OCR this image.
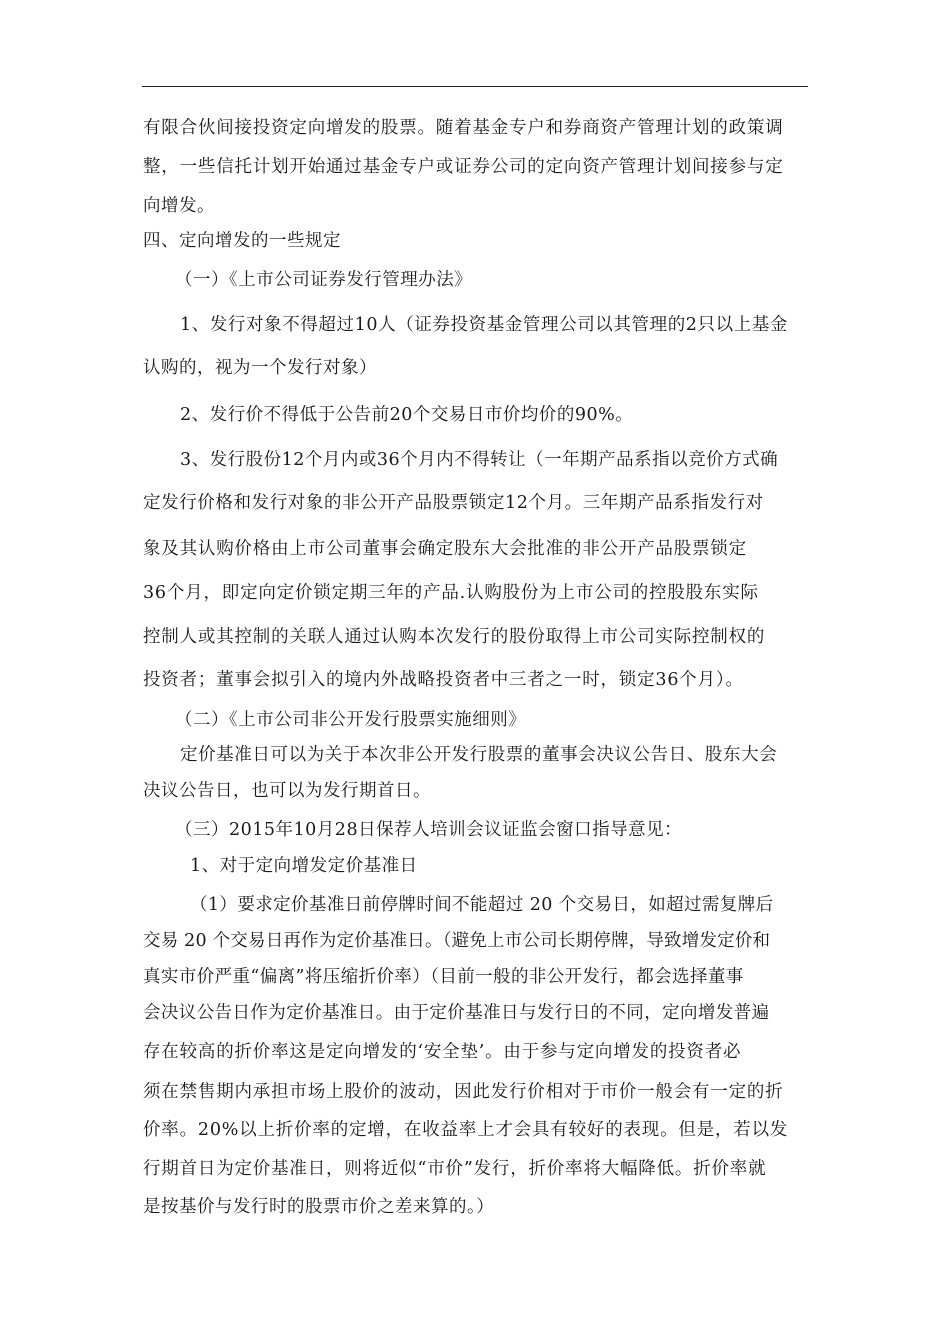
有限合伙间接投资定向增发的股票。随着基金专户和券商资产管理计划的政策调
整，一些信托计划开始通过基金专户或证券公司的定向资产管理计划间接参与定
向增发。
四、定向增发的一些规定
（一）《上市公司证券发行管理办法》
1、发行对象不得超过10人（证券投资基金管理公司以其管理的2只以上基金
认购的，视为一个发行对象）
2、发行价不得低于公告前20个交易日市价均价的90%。
3、发行股份12个月内或36个月内不得转让（一年期产品系指以竞价方式确
定发行价格和发行对象的非公开产品股票锁定12个月。三年期产品系指发行对
象及其认购价格由上市公司董事会确定股东大会批准的非公开产品股票锁定
36个月，即定向定价锁定期三年的产品.认购股份为上市公司的控股股东实际
控制人或其控制的关联人通过认购本次发行的股份取得上市公司实际控制权的
投资者；董事会拟引入的境内外战略投资者中三者之一时，锁定36个月）。
（二）《上市公司非公开发行股票实施细则》
定价基准日可以为关于本次非公开发行股票的董事会决议公告日、股东大会
决议公告日，也可以为发行期首日。
（三）2015年10月28日保荐人培训会议证监会窗口指导意见：
1、对于定向增发定价基准日
（1）要求定价基准日前停牌时间不能超过 20 个交易日，如超过需复牌后
交易 20 个交易日再作为定价基准日。（避免上市公司长期停牌，导致增发定价和
真实市价严重“偏离”将压缩折价率）（目前一般的非公开发行，都会选择董事
会决议公告日作为定价基准日。由于定价基准日与发行日的不同，定向增发普遍
存在较高的折价率这是定向增发的‘安全垫’。由于参与定向增发的投资者必
须在禁售期内承担市场上股价的波动，因此发行价相对于市价一般会有一定的折
价率。20%以上折价率的定增，在收益率上才会具有较好的表现。但是，若以发
行期首日为定价基准日，则将近似“市价”发行，折价率将大幅降低。折价率就
是按基价与发行时的股票市价之差来算的。）
